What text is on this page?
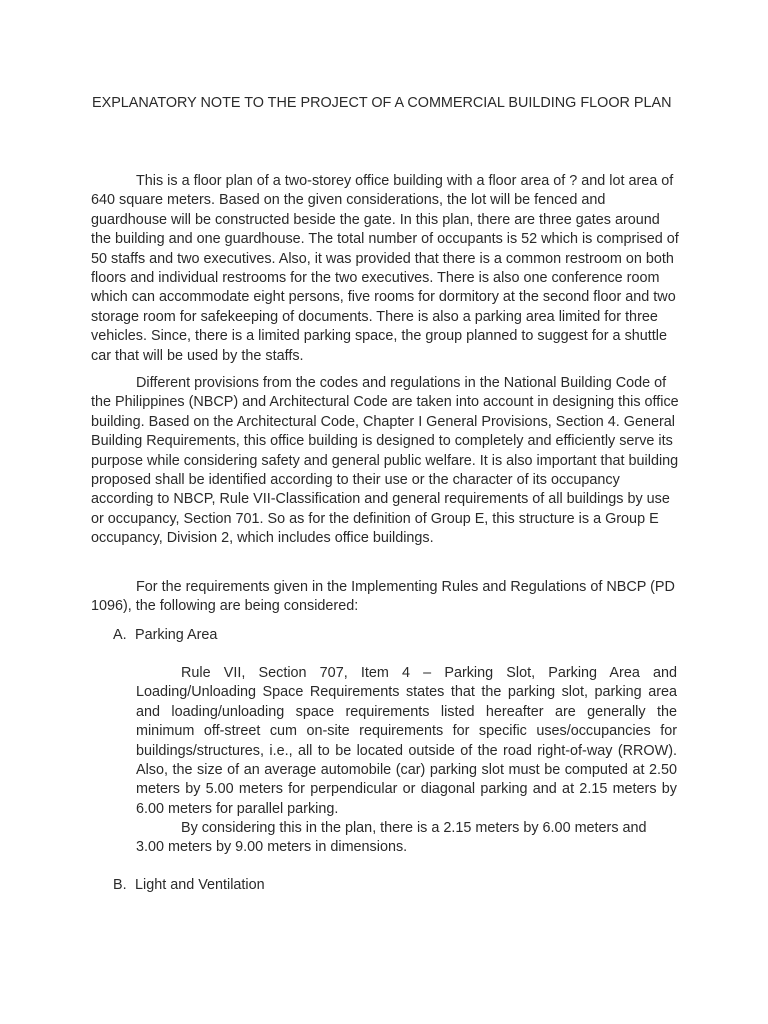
EXPLANATORY NOTE TO THE PROJECT OF A COMMERCIAL BUILDING FLOOR PLAN

This is a floor plan of a two-storey office building with a floor area of ? and lot area of 640 square meters. Based on the given considerations, the lot will be fenced and guardhouse will be constructed beside the gate. In this plan, there are three gates around the building and one guardhouse. The total number of occupants is 52 which is comprised of 50 staffs and two executives. Also, it was provided that there is a common restroom on both floors and individual restrooms for the two executives. There is also one conference room which can accommodate eight persons, five rooms for dormitory at the second floor and two storage room for safekeeping of documents. There is also a parking area limited for three vehicles. Since, there is a limited parking space, the group planned to suggest for a shuttle car that will be used by the staffs.

Different provisions from the codes and regulations in the National Building Code of the Philippines (NBCP) and Architectural Code are taken into account in designing this office building. Based on the Architectural Code, Chapter I General Provisions, Section 4. General Building Requirements, this office building is designed to completely and efficiently serve its purpose while considering safety and general public welfare. It is also important that building proposed shall be identified according to their use or the character of its occupancy according to NBCP, Rule VII-Classification and general requirements of all buildings by use or occupancy, Section 701. So as for the definition of Group E, this structure is a Group E occupancy, Division 2, which includes office buildings.

For the requirements given in the Implementing Rules and Regulations of NBCP (PD 1096), the following are being considered:

A. Parking Area

Rule VII, Section 707, Item 4 – Parking Slot, Parking Area and Loading/Unloading Space Requirements states that the parking slot, parking area and loading/unloading space requirements listed hereafter are generally the minimum off-street cum on-site requirements for specific uses/occupancies for buildings/structures, i.e., all to be located outside of the road right-of-way (RROW). Also, the size of an average automobile (car) parking slot must be computed at 2.50 meters by 5.00 meters for perpendicular or diagonal parking and at 2.15 meters by 6.00 meters for parallel parking.

By considering this in the plan, there is a 2.15 meters by 6.00 meters and 3.00 meters by 9.00 meters in dimensions.

B. Light and Ventilation
